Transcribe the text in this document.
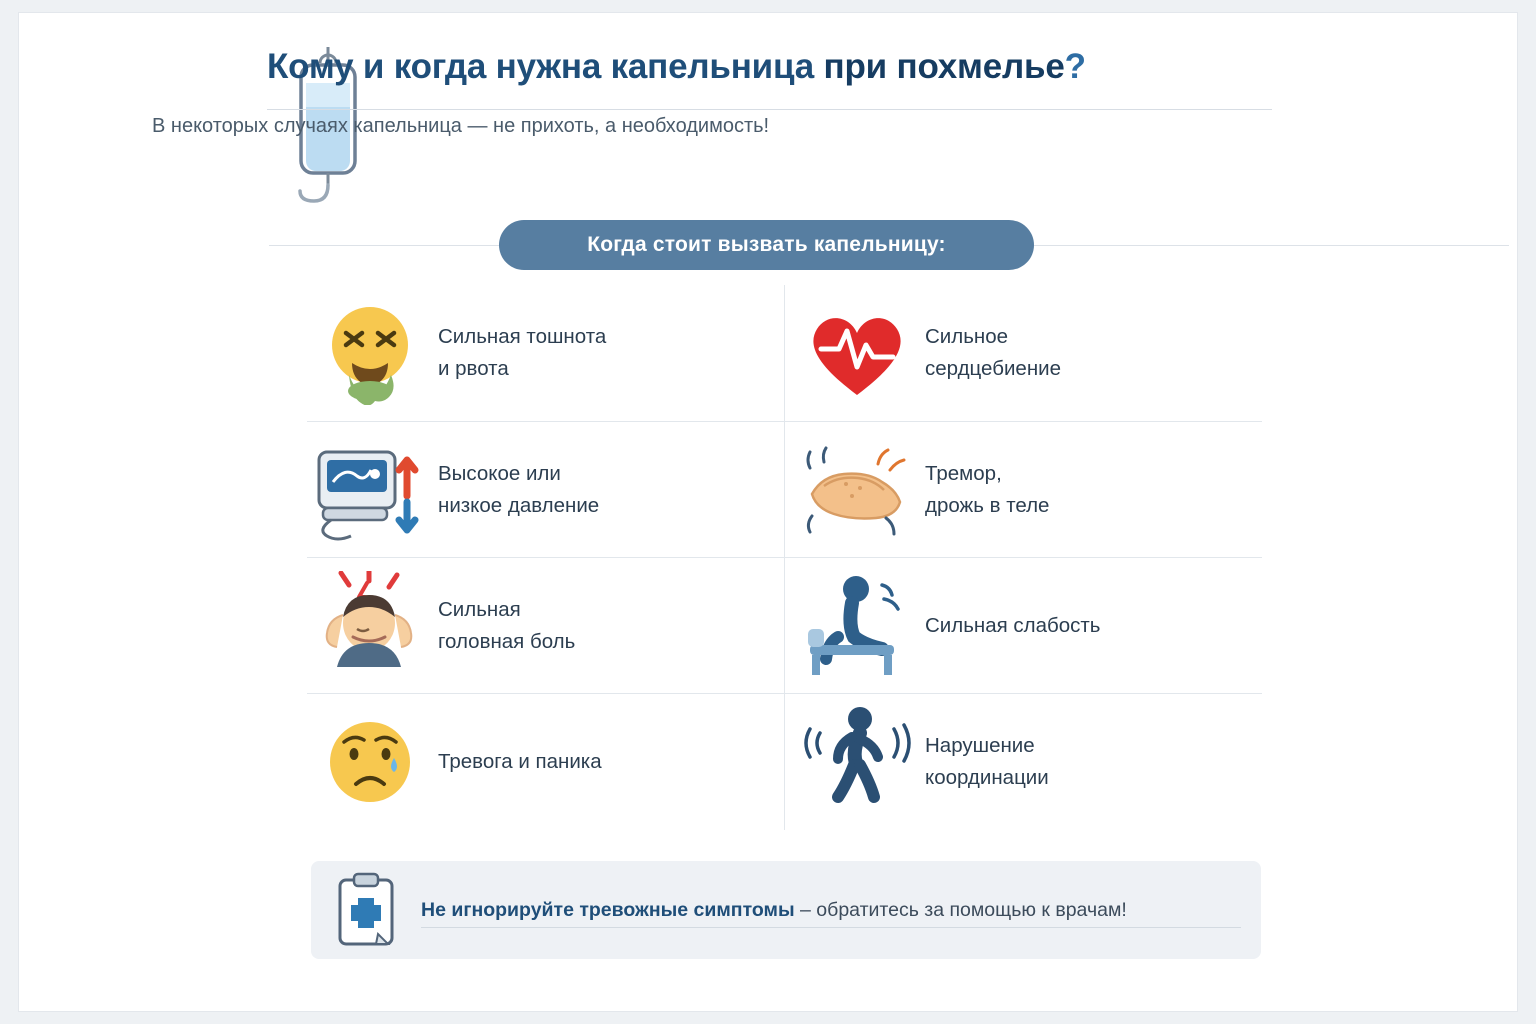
Кому и когда нужна капельница при похмелье?
В некоторых случаях капельница — не прихоть, а необходимость!
Когда стоит вызвать капельницу:
Сильная тошнота
и рвота
Сильное
сердцебиение
Высокое или
низкое давление
Тремор,
дрожь в теле
Сильная
головная боль
Сильная слабость
Тревога и паника
Нарушение
координации
Не игнорируйте тревожные симптомы – обратитесь за помощью к врачам!
